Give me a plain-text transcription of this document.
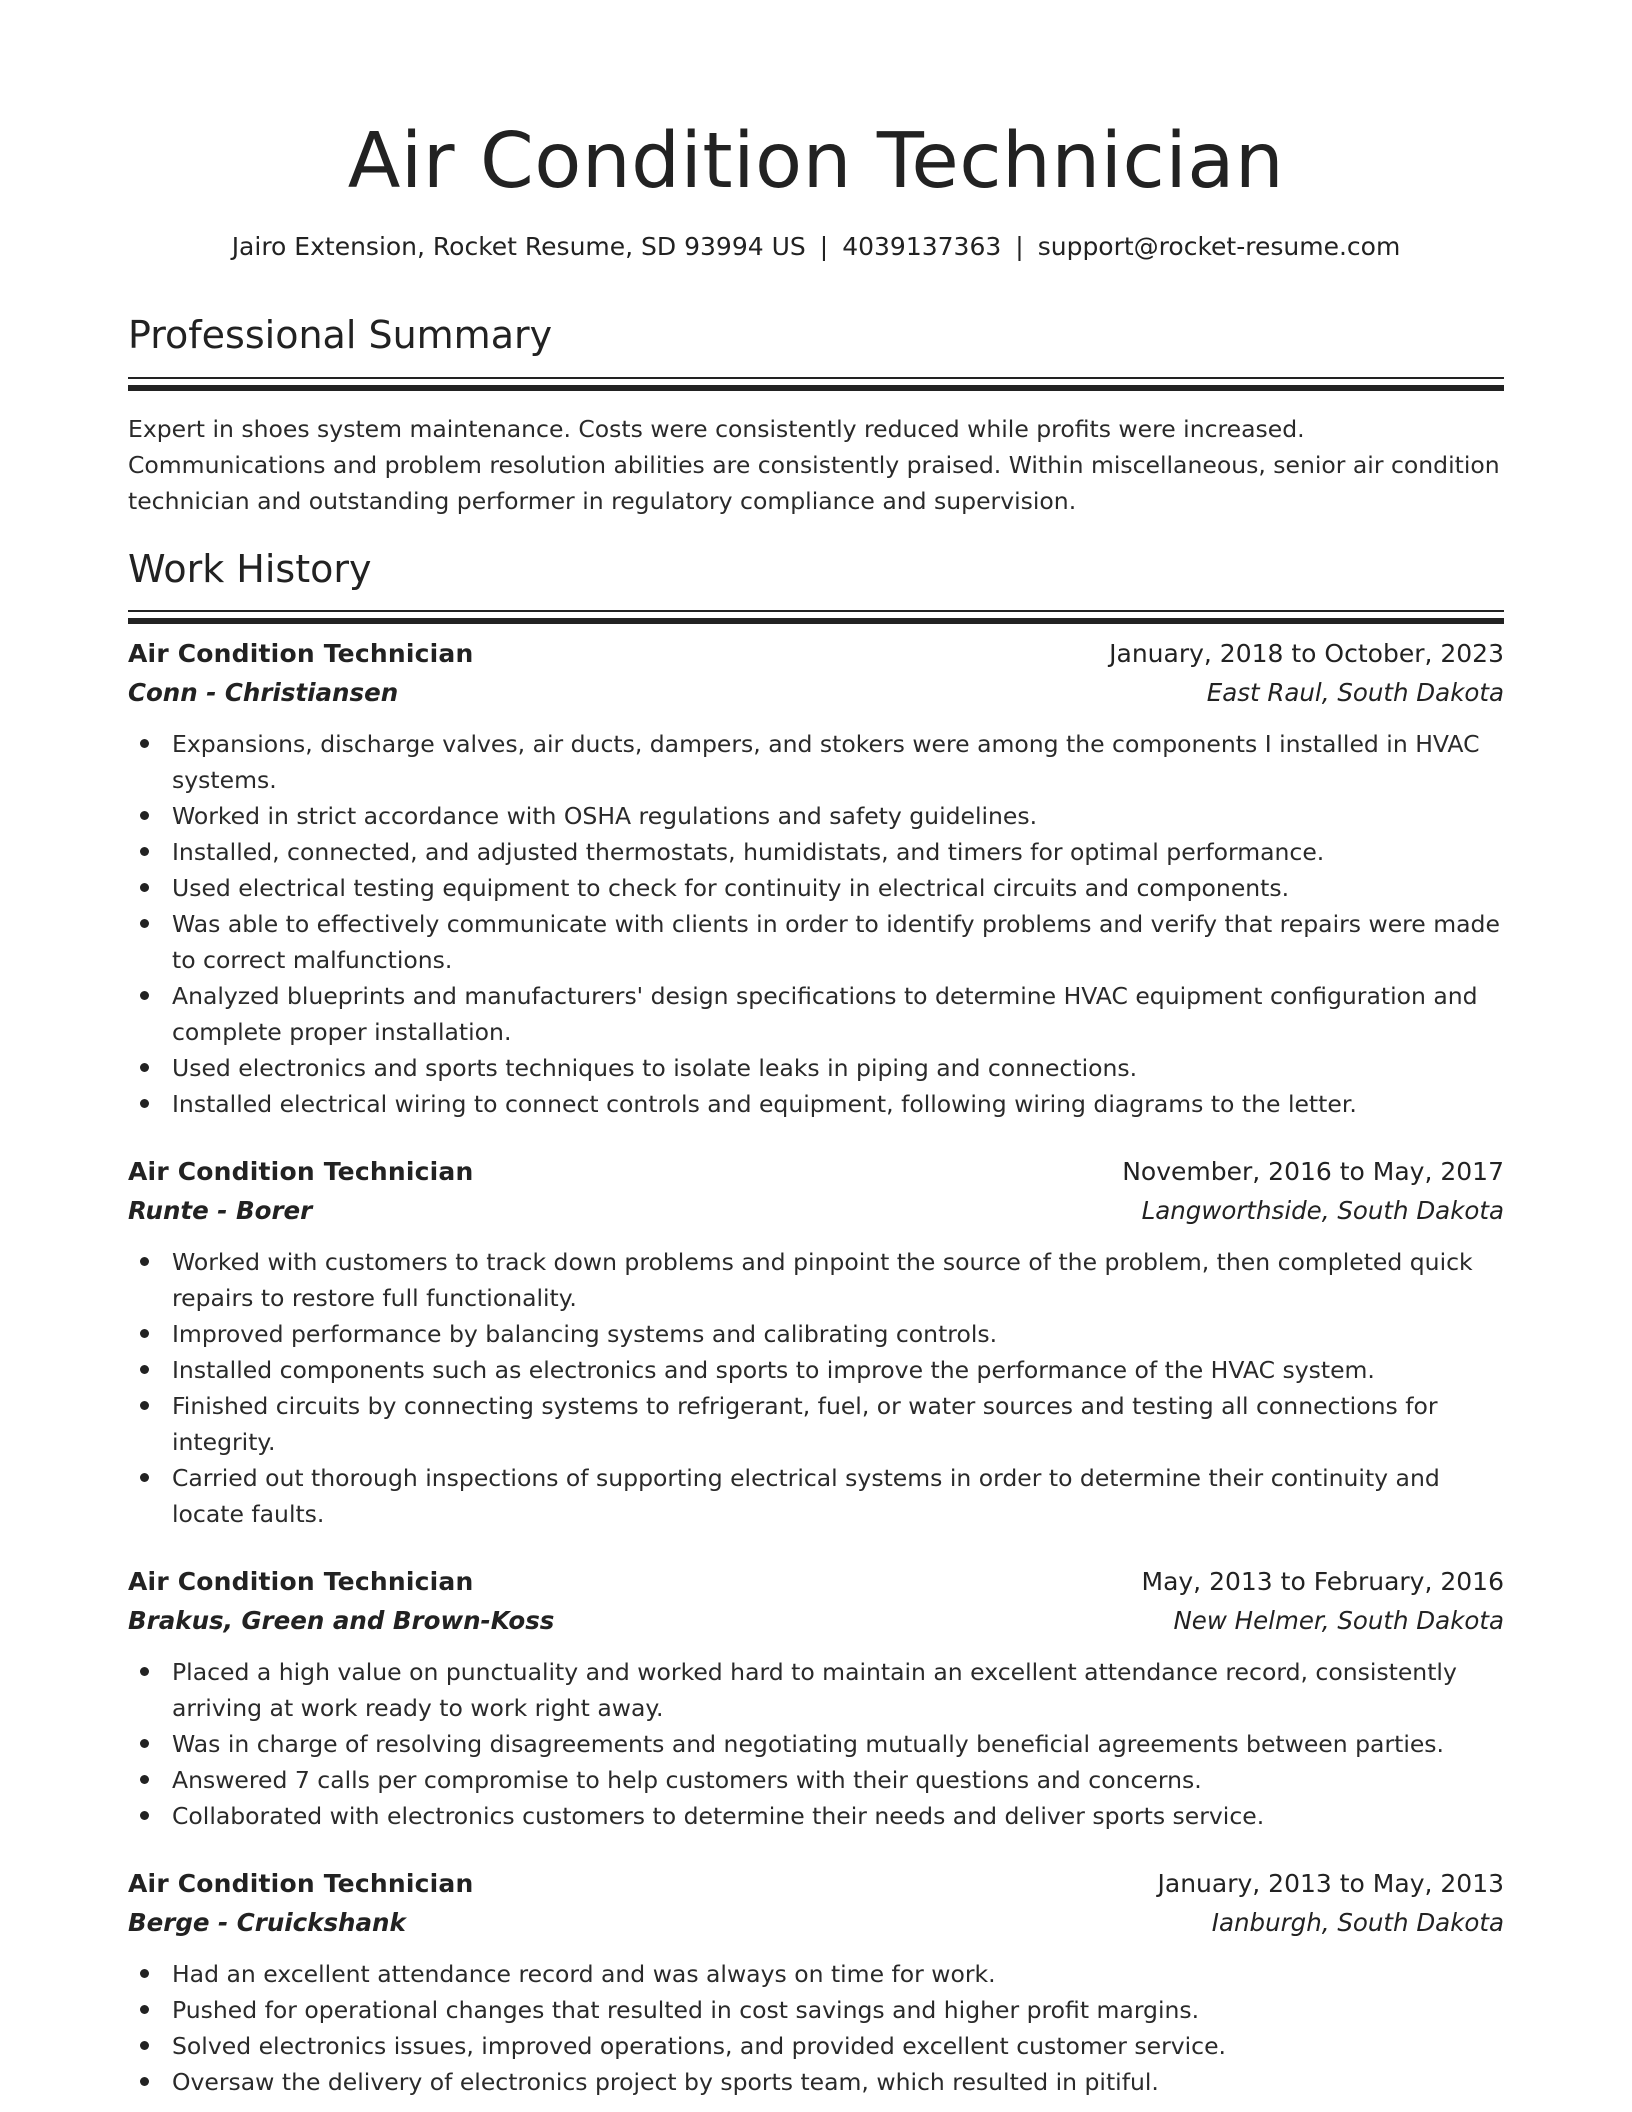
Air Condition Technician
Jairo Extension, Rocket Resume, SD 93994 US | 4039137363 | support@rocket-resume.com
Professional Summary

Expert in shoes system maintenance. Costs were consistently reduced while profits were increased. Communications and problem resolution abilities are consistently praised. Within miscellaneous, senior air condition technician and outstanding performer in regulatory compliance and supervision.

Work History
Air Condition Technician	January, 2018 to October, 2023
Conn - Christiansen	East Raul, South Dakota
Expansions, discharge valves, air ducts, dampers, and stokers were among the components I installed in HVAC systems.
Worked in strict accordance with OSHA regulations and safety guidelines.
Installed, connected, and adjusted thermostats, humidistats, and timers for optimal performance.
Used electrical testing equipment to check for continuity in electrical circuits and components.
Was able to effectively communicate with clients in order to identify problems and verify that repairs were made to correct malfunctions.
Analyzed blueprints and manufacturers' design specifications to determine HVAC equipment configuration and complete proper installation.
Used electronics and sports techniques to isolate leaks in piping and connections.
Installed electrical wiring to connect controls and equipment, following wiring diagrams to the letter.
Air Condition Technician	November, 2016 to May, 2017
Runte - Borer	Langworthside, South Dakota
Worked with customers to track down problems and pinpoint the source of the problem, then completed quick repairs to restore full functionality.
Improved performance by balancing systems and calibrating controls.
Installed components such as electronics and sports to improve the performance of the HVAC system.
Finished circuits by connecting systems to refrigerant, fuel, or water sources and testing all connections for integrity.
Carried out thorough inspections of supporting electrical systems in order to determine their continuity and locate faults.
Air Condition Technician	May, 2013 to February, 2016
Brakus, Green and Brown-Koss	New Helmer, South Dakota
Placed a high value on punctuality and worked hard to maintain an excellent attendance record, consistently arriving at work ready to work right away.
Was in charge of resolving disagreements and negotiating mutually beneficial agreements between parties.
Answered 7 calls per compromise to help customers with their questions and concerns.
Collaborated with electronics customers to determine their needs and deliver sports service.
Air Condition Technician	January, 2013 to May, 2013
Berge - Cruickshank	Ianburgh, South Dakota
Had an excellent attendance record and was always on time for work.
Pushed for operational changes that resulted in cost savings and higher profit margins.
Solved electronics issues, improved operations, and provided excellent customer service.
Oversaw the delivery of electronics project by sports team, which resulted in pitiful.
